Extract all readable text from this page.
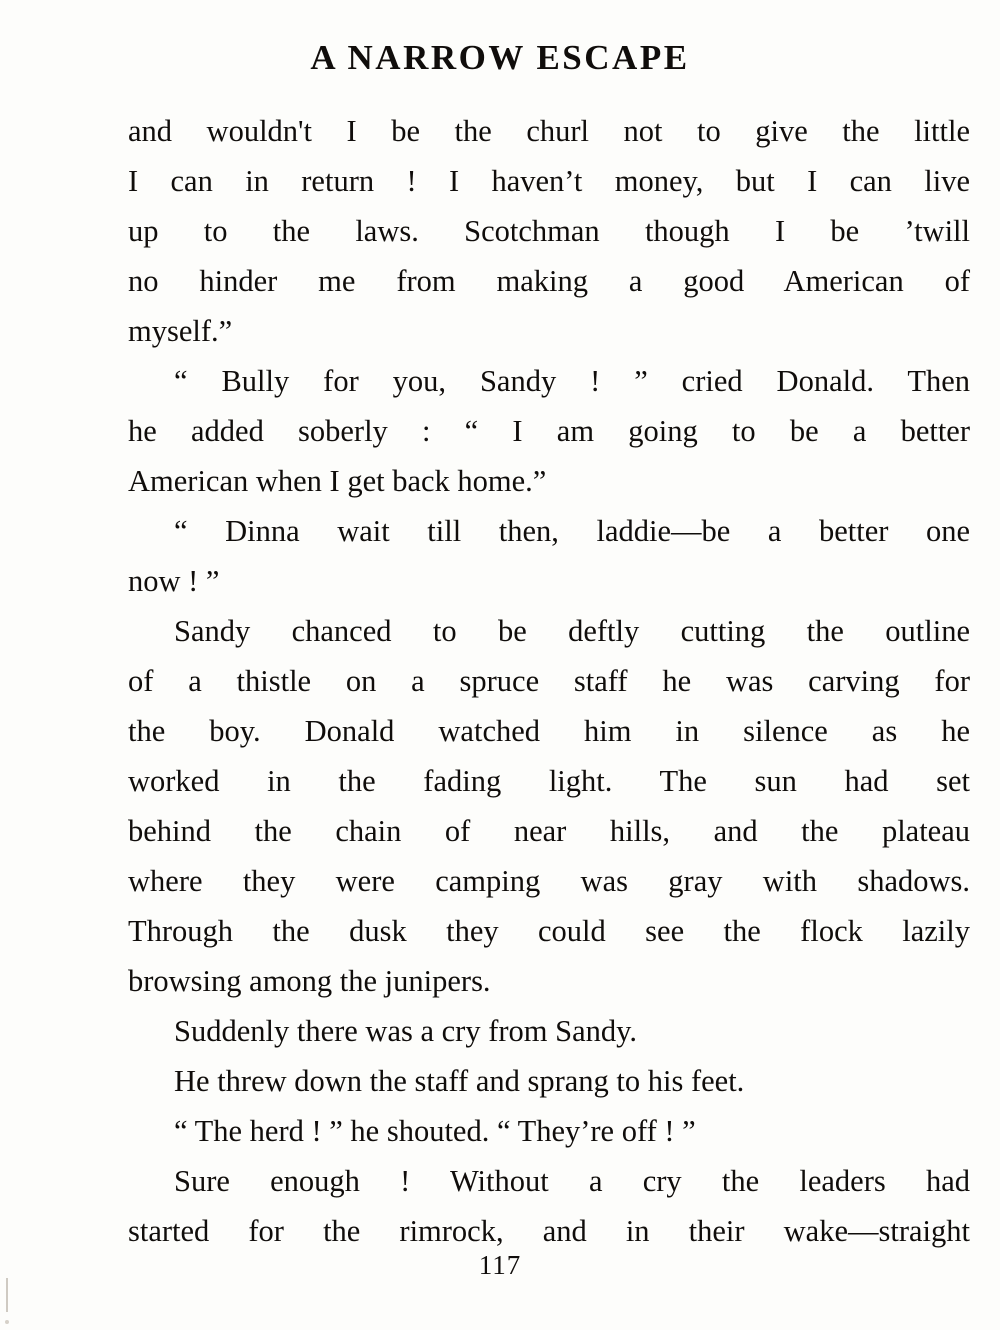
A NARROW ESCAPE

and wouldn't I be the churl not to give the little
I can in return ! I haven’t money, but I can live
up to the laws. Scotchman though I be ’twill
no hinder me from making a good American of
myself.”

“ Bully for you, Sandy ! ” cried Donald. Then
he added soberly : “ I am going to be a better
American when I get back home.”

“ Dinna wait till then, laddie—be a better one
now ! ”

Sandy chanced to be deftly cutting the outline
of a thistle on a spruce staff he was carving for
the boy. Donald watched him in silence as he
worked in the fading light. The sun had set
behind the chain of near hills, and the plateau
where they were camping was gray with shadows.
Through the dusk they could see the flock lazily
browsing among the junipers.

Suddenly there was a cry from Sandy.

He threw down the staff and sprang to his feet.

“ The herd ! ” he shouted. “ They’re off ! ”

Sure enough ! Without a cry the leaders had
started for the rimrock, and in their wake—straight

117
